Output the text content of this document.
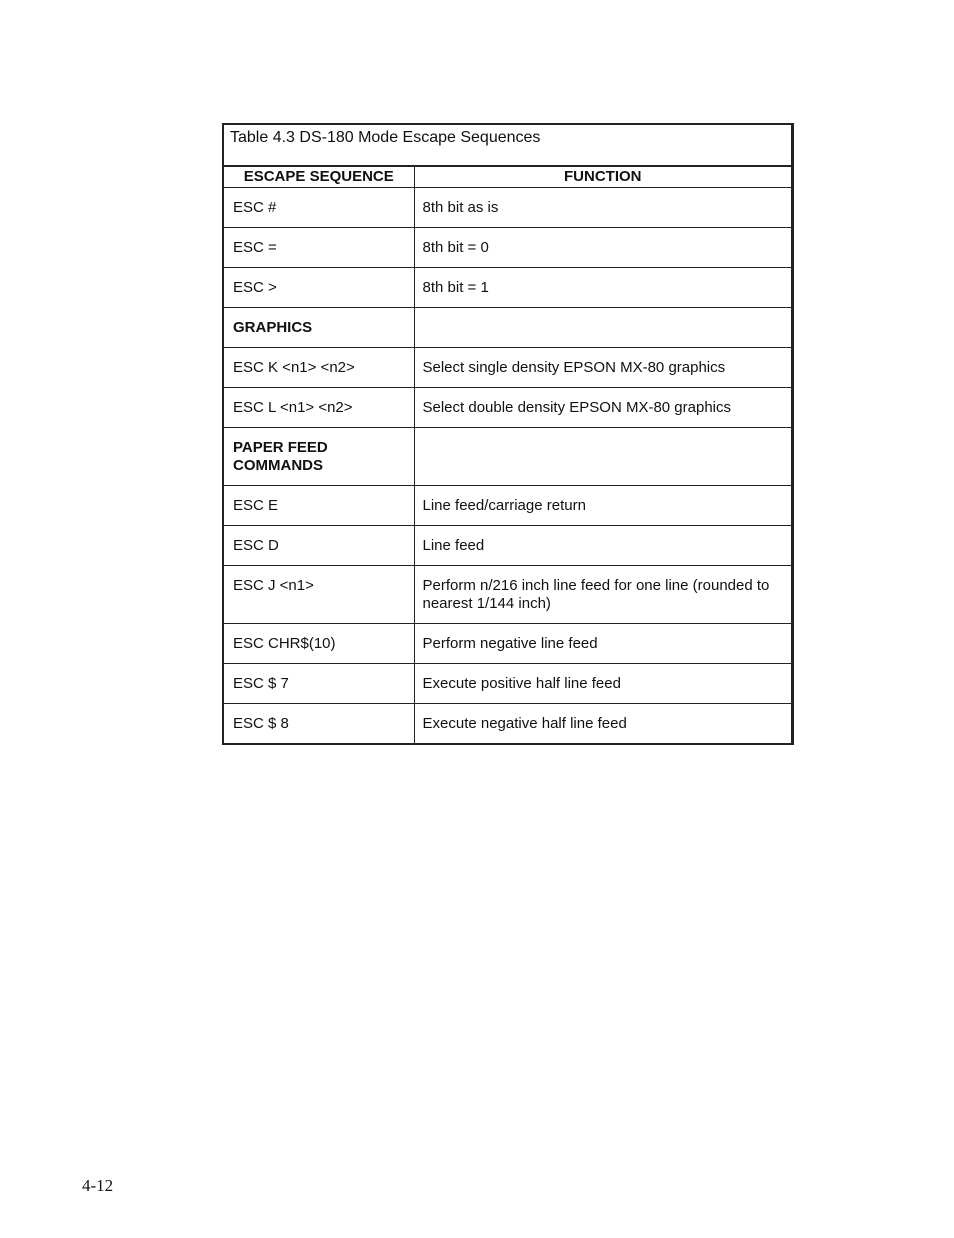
Table 4.3 DS-180 Mode Escape Sequences
ESCAPE SEQUENCE	FUNCTION
ESC #	8th bit as is
ESC =	8th bit = 0
ESC >	8th bit = 1

GRAPHICS	

ESC K <n1> <n2>	Select single density EPSON MX-80 graphics
ESC L <n1> <n2>	Select double density EPSON MX-80 graphics

PAPER FEED COMMANDS	

ESC E	Line feed/carriage return
ESC D	Line feed
ESC J <n1>	Perform n/216 inch line feed for one line (rounded to nearest 1/144 inch)

ESC CHR$(10)	Perform negative line feed
ESC $ 7	Execute positive half line feed
ESC $ 8	Execute negative half line feed
4-12
